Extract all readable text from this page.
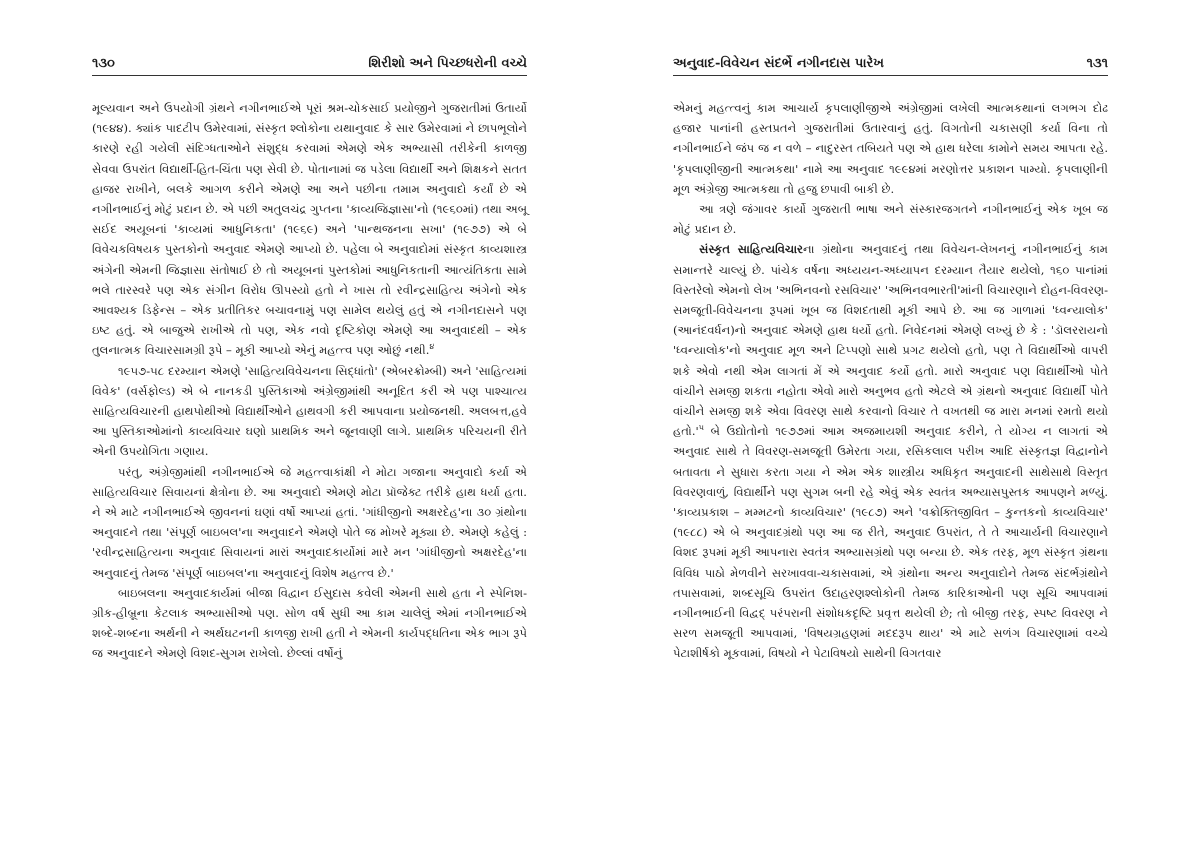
૧૩૦	શિરીશો અને પિચ્છધરોની વચ્ચે

મૂલ્યવાન અને ઉપયોગી ગ્રંથને નગીનભાઈએ પૂરાં શ્રમ-ચોકસાઈ પ્રયોજીને ગુજરાતીમાં ઉતાર્યો (૧૯૪૪). ક્યાંક પાદટીપ ઉમેરવામાં, સંસ્કૃત શ્લોકોના યથાનુવાદ કે સાર ઉમેરવામાં ને છાપભૂલોને કારણે રહી ગયેલી સંદિગ્ધતાઓને સંશુદ્ધ કરવામાં એમણે એક અભ્યાસી તરીકેની કાળજી સેવવા ઉપરાંત વિદ્યાર્થી-હિત-ચિંતા પણ સેવી છે. પોતાનામાં જ પડેલા વિદ્યાર્થી અને શિક્ષકને સતત હાજર રાખીને, બલકે આગળ કરીને એમણે આ અને પછીના તમામ અનુવાદો કર્યાં છે એ નગીનભાઈનું મોટું પ્રદાન છે. એ પછી અતુલચંદ્ર ગુપ્તના 'કાવ્યજિજ્ઞાસા'નો (૧૯૬૦માં) તથા અબૂ સઈદ અયૂબનાં 'કાવ્યમાં આધુનિકતા' (૧૯૬૯) અને 'પાન્થજનના સખા' (૧૯૭૭) એ બે વિવેચકવિષયક પુસ્તકોનો અનુવાદ એમણે આપ્યો છે. પહેલા બે અનુવાદોમાં સંસ્કૃત કાવ્યશાસ્ત્ર અંગેની એમની જિજ્ઞાસા સંતોષાઈ છે તો અયૂબનાં પુસ્તકોમાં આધુનિકતાની આત્યંતિકતા સામે ભલે તારસ્વરે પણ એક સંગીન વિરોધ ઊપસ્યો હતો ને ખાસ તો રવીન્દ્રસાહિત્ય અંગેનો એક આવશ્યક ડિફેન્સ – એક પ્રતીતિકર બચાવનામું પણ સામેલ થયેલું હતું એ નગીનદાસને પણ ઇષ્ટ હતું. એ બાજુએ રાખીએ તો પણ, એક નવો દૃષ્ટિકોણ એમણે આ અનુવાદથી – એક તુલનાત્મક વિચારસામગ્રી રૂપે – મૂકી આપ્યો એનું મહત્ત્વ પણ ઓછું નથી.$^૪$

૧૯૫૭-૫૮ દરમ્યાન એમણે 'સાહિત્યવિવેચનના સિદ્ધાંતો' (એબરક્રોમ્બી) અને 'સાહિત્યમાં વિવેક' (વર્સફોલ્ડ) એ બે નાનકડી પુસ્તિકાઓ અંગ્રેજીમાંથી અનૂદિત કરી એ પણ પાશ્ચાત્ય સાહિત્યવિચારની હાથપોથીઓ વિદ્યાર્થીઓને હાથવગી કરી આપવાના પ્રયોજનથી. અલબત્ત,હવે આ પુસ્તિકાઓમાંનો કાવ્યવિચાર ઘણો પ્રાથમિક અને જૂનવાણી લાગે. પ્રાથમિક પરિચયની રીતે એની ઉપયોગિતા ગણાય.

પરંતુ, અંગ્રેજીમાંથી નગીનભાઈએ જે મહત્ત્વાકાંક્ષી ને મોટા ગજાના અનુવાદો કર્યા એ સાહિત્યવિચાર સિવાયનાં ક્ષેત્રોના છે. આ અનુવાદો એમણે મોટા પ્રૉજેક્ટ તરીકે હાથ ધર્યા હતા. ને એ માટે નગીનભાઈએ જીવનનાં ઘણાં વર્ષો આપ્યાં હતાં. 'ગાંધીજીનો અક્ષરદેહ'ના ૩૦ ગ્રંથોના અનુવાદને તથા 'સંપૂર્ણ બાઇબલ'ના અનુવાદને એમણે પોતે જ મોખરે મૂક્યા છે. એમણે કહેલું : 'રવીન્દ્રસાહિત્યના અનુવાદ સિવાયનાં મારાં અનુવાદકાર્યોમાં મારે મન 'ગાંધીજીનો અક્ષરદેહ'ના અનુવાદનું તેમજ 'સંપૂર્ણ બાઇબલ'ના અનુવાદનું વિશેષ મહત્ત્વ છે.'

બાઇબલના અનુવાદકાર્યમાં બીજા વિદ્વાન ઈસુદાસ કવેલી એમની સાથે હતા ને સ્પેનિશ-ગ્રીક-હીબ્રૂના કેટલાક અભ્યાસીઓ પણ. સોળ વર્ષ સુધી આ કામ ચાલેલું એમાં નગીનભાઈએ શબ્દે-શબ્દના અર્થની ને અર્થઘટનની કાળજી રાખી હતી ને એમની કાર્યપદ્ધતિના એક ભાગ રૂપે જ અનુવાદને એમણે વિશદ-સુગમ રાખેલો. છેલ્લાં વર્ષોનું

અનુવાદ-વિવેચન સંદર્ભે નગીનદાસ પારેખ	૧૩૧

એમનું મહત્ત્વનું કામ આચાર્ય કૃપલાણીજીએ અંગ્રેજીમાં લખેલી આત્મકથાનાં લગભગ દોઢ હજાર પાનાંની હસ્તપ્રતને ગુજરાતીમાં ઉતારવાનું હતું. વિગતોની ચકાસણી કર્યા વિના તો નગીનભાઈને જંપ જ ન વળે – નાદુરસ્ત તબિયતે પણ એ હાથ ધરેલા કામોને સમય આપતા રહે. 'કૃપલાણીજીની આત્મકથા' નામે આ અનુવાદ ૧૯૯૪માં મરણોત્તર પ્રકાશન પામ્યો. કૃપલાણીની મૂળ અંગ્રેજી આત્મકથા તો હજુ છપાવી બાકી છે.

આ ત્રણે જંગાવર કાર્યો ગુજરાતી ભાષા અને સંસ્કારજગતને નગીનભાઈનું એક ખૂબ જ મોટું પ્રદાન છે.

સંસ્કૃત સાહિત્યવિચારના ગ્રંથોના અનુવાદનું તથા વિવેચન-લેખનનું નગીનભાઈનું કામ સમાન્તરે ચાલ્યું છે. પાંચેક વર્ષના અધ્યયન-અધ્યાપન દરમ્યાન તૈયાર થયેલો, ૧૬૦ પાનાંમાં વિસ્તરેલો એમનો લેખ 'અભિનવનો રસવિચાર' 'અભિનવભારતી'માંની વિચારણાને દોહન-વિવરણ-સમજૂતી-વિવેચનના રૂપમાં ખૂબ જ વિશદતાથી મૂકી આપે છે. આ જ ગાળામાં 'ધ્વન્યાલોક' (આનંદવર્ધન)નો અનુવાદ એમણે હાથ ધર્યો હતો. નિવેદનમાં એમણે લખ્યું છે કે : 'ડૉલરરાયનો 'ધ્વન્યાલોક'નો અનુવાદ મૂળ અને ટિપ્પણો સાથે પ્રગટ થયેલો હતો, પણ તે વિદ્યાર્થીઓ વાપરી શકે એવો નથી એમ લાગતાં મેં એ અનુવાદ કર્યો હતો. મારો અનુવાદ પણ વિદ્યાર્થીઓ પોતે વાંચીને સમજી શકતા નહોતા એવો મારો અનુભવ હતો એટલે એ ગ્રંથનો અનુવાદ વિદ્યાર્થી પોતે વાંચીને સમજી શકે એવા વિવરણ સાથે કરવાનો વિચાર તે વખતથી જ મારા મનમાં રમતો થયો $હતો.'^૫$ બે ઉદ્યોતોનો ૧૯૭૭માં આમ અજમાયશી અનુવાદ કરીને, તે યોગ્ય ન લાગતાં એ અનુવાદ સાથે તે વિવરણ-સમજૂતી ઉમેરતા ગયા, રસિકલાલ પરીખ આદિ સંસ્કૃતજ્ઞ વિદ્વાનોને બતાવતા ને સુધારા કરતા ગયા ને એમ એક શાસ્ત્રીય અધિકૃત અનુવાદની સાથેસાથે વિસ્તૃત વિવરણવાળું, વિદ્યાર્થીને પણ સુગમ બની રહે એવું એક સ્વતંત્ર અભ્યાસપુસ્તક આપણને મળ્યું. 'કાવ્યપ્રકાશ – મમ્મટનો કાવ્યવિચાર' (૧૯૮૭) અને 'વક્રોક્તિજીવિત – કુન્તકનો કાવ્યવિચાર' (૧૯૮૮) એ બે અનુવાદગ્રંથો પણ આ જ રીતે, અનુવાદ ઉપરાંત, તે તે આચાર્યની વિચારણાને વિશદ રૂપમાં મૂકી આપનારા સ્વતંત્ર અભ્યાસગ્રંથો પણ બન્યા છે. એક તરફ, મૂળ સંસ્કૃત ગ્રંથના વિવિધ પાઠો મેળવીને સરખાવવા-ચકાસવામાં, એ ગ્રંથોના અન્ય અનુવાદોને તેમજ સંદર્ભગ્રંથોને તપાસવામાં, શબ્દસૂચિ ઉપરાંત ઉદાહરણશ્લોકોની તેમજ કારિકાઓની પણ સૂચિ આપવામાં નગીનભાઈની વિદ્વદ્ પરંપરાની સંશોધકદૃષ્ટિ પ્રવૃત્ત થયેલી છે; તો બીજી તરફ, સ્પષ્ટ વિવરણ ને સરળ સમજૂતી આપવામાં, 'વિષયગ્રહણમાં મદદરૂપ થાય' એ માટે સળંગ વિચારણામાં વચ્ચે પેટાશીર્ષકો મૂકવામાં, વિષયો ને પેટાવિષયો સાથેની વિગતવાર
